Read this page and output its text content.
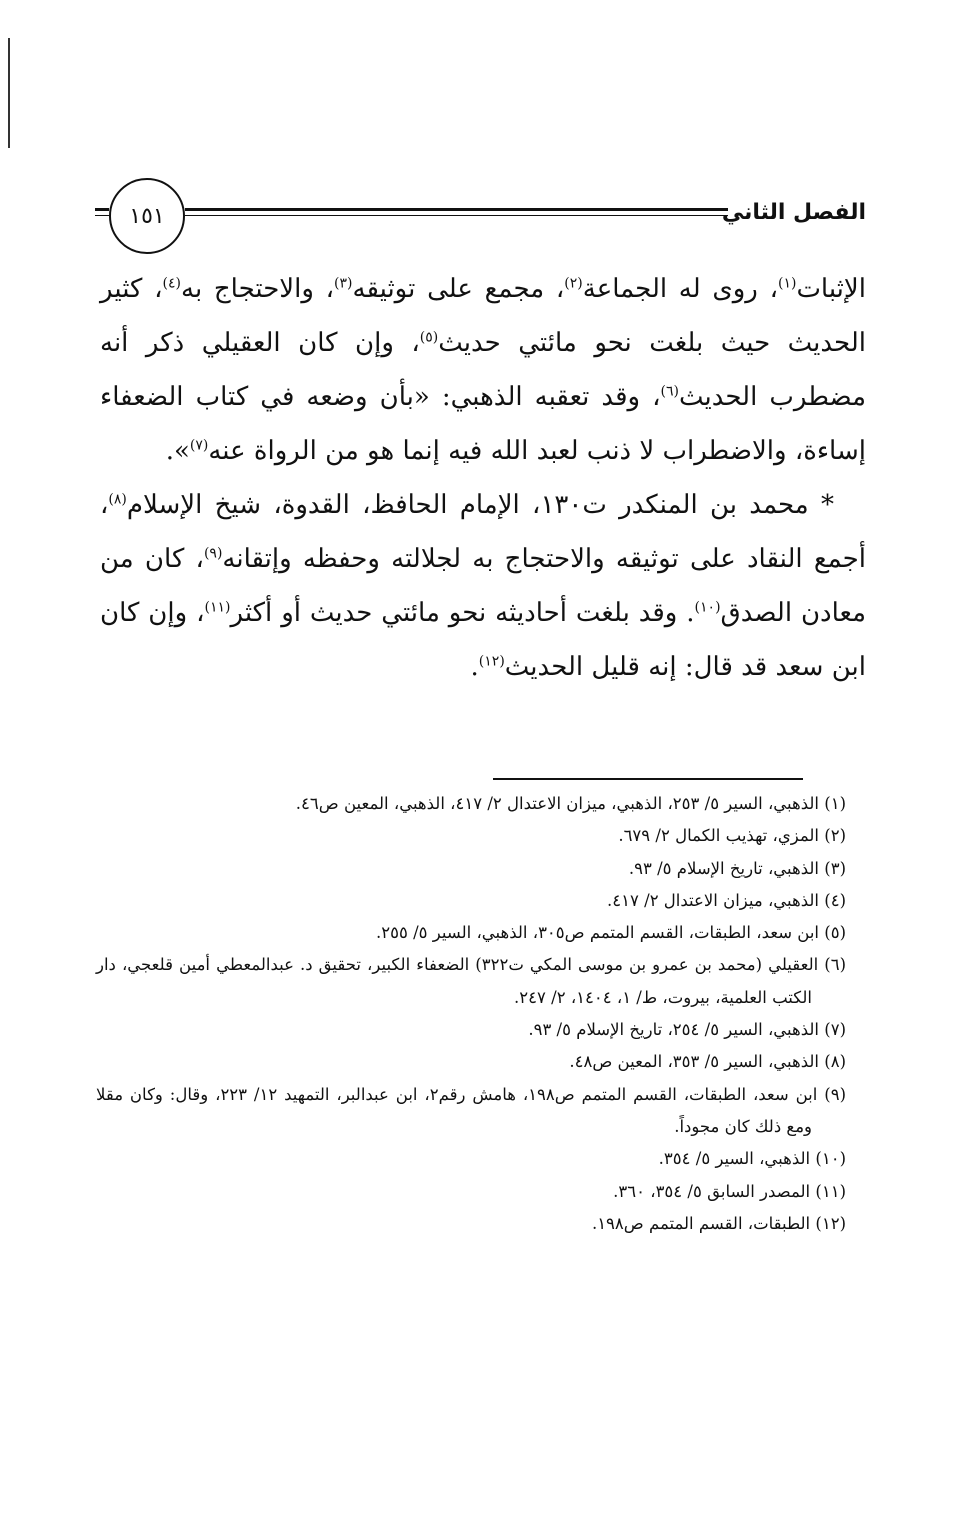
الفصل الثاني
١٥١

الإثبات$^{(١)}$، روى له الجماعة$^{(٢)}$، مجمع على توثيقه$^{(٣)}$، والاحتجاج به$^{(٤)}$، كثير الحديث حيث بلغت نحو مائتي حديث$^{(٥)}$، وإن كان العقيلي ذكر أنه مضطرب الحديث$^{(٦)}$، وقد تعقبه الذهبي: «بأن وضعه في كتاب الضعفاء إساءة، والاضطراب لا ذنب لعبد الله فيه إنما هو من الرواة عنه$^{(٧)}$».

* محمد بن المنكدر ت١٣٠، الإمام الحافظ، القدوة، شيخ الإسلام$^{(٨)}$، أجمع النقاد على توثيقه والاحتجاج به لجلالته وحفظه وإتقانه$^{(٩)}$، كان من معادن الصدق$^{(١٠)}$. وقد بلغت أحاديثه نحو مائتي حديث أو أكثر$^{(١١)}$، وإن كان ابن سعد قد قال: إنه قليل الحديث$^{(١٢)}$.

(١) الذهبي، السير ٥/ ٢٥٣، الذهبي، ميزان الاعتدال ٢/ ٤١٧، الذهبي، المعين ص٤٦.
(٢) المزي، تهذيب الكمال ٢/ ٦٧٩.
(٣) الذهبي، تاريخ الإسلام ٥/ ٩٣.
(٤) الذهبي، ميزان الاعتدال ٢/ ٤١٧.
(٥) ابن سعد، الطبقات، القسم المتمم ص٣٠٥، الذهبي، السير ٥/ ٢٥٥.
(٦) العقيلي (محمد بن عمرو بن موسى المكي ت٣٢٢) الضعفاء الكبير، تحقيق د. عبدالمعطي أمين قلعجي، دار الكتب العلمية، بيروت، ط/ ١، ١٤٠٤، ٢/ ٢٤٧.
(٧) الذهبي، السير ٥/ ٢٥٤، تاريخ الإسلام ٥/ ٩٣.
(٨) الذهبي، السير ٥/ ٣٥٣، المعين ص٤٨.
(٩) ابن سعد، الطبقات، القسم المتمم ص١٩٨، هامش رقم٢، ابن عبدالبر، التمهيد ١٢/ ٢٢٣، وقال: وكان مقلا ومع ذلك كان مجوداً.
(١٠) الذهبي، السير ٥/ ٣٥٤.
(١١) المصدر السابق ٥/ ٣٥٤، ٣٦٠.
(١٢) الطبقات، القسم المتمم ص١٩٨.
